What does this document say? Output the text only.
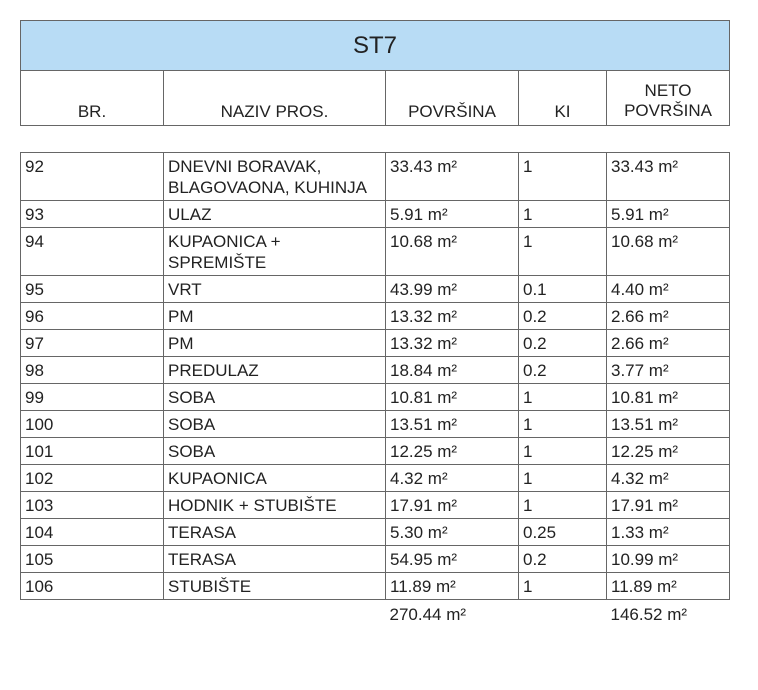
ST7				
BR.	NAZIV PROS.	POVRŠINA	KI	NETO POVRŠINA

92	DNEVNI BORAVAK, BLAGOVAONA, KUHINJA	33.43 m²	1	33.43 m²
93	ULAZ	5.91 m²	1	5.91 m²
94	KUPAONICA + SPREMIŠTE	10.68 m²	1	10.68 m²
95	VRT	43.99 m²	0.1	4.40 m²
96	PM	13.32 m²	0.2	2.66 m²
97	PM	13.32 m²	0.2	2.66 m²
98	PREDULAZ	18.84 m²	0.2	3.77 m²
99	SOBA	10.81 m²	1	10.81 m²
100	SOBA	13.51 m²	1	13.51 m²
101	SOBA	12.25 m²	1	12.25 m²
102	KUPAONICA	4.32 m²	1	4.32 m²
103	HODNIK + STUBIŠTE	17.91 m²	1	17.91 m²
104	TERASA	5.30 m²	0.25	1.33 m²
105	TERASA	54.95 m²	0.2	10.99 m²
106	STUBIŠTE	11.89 m²	1	11.89 m²
		270.44 m²		146.52 m²
